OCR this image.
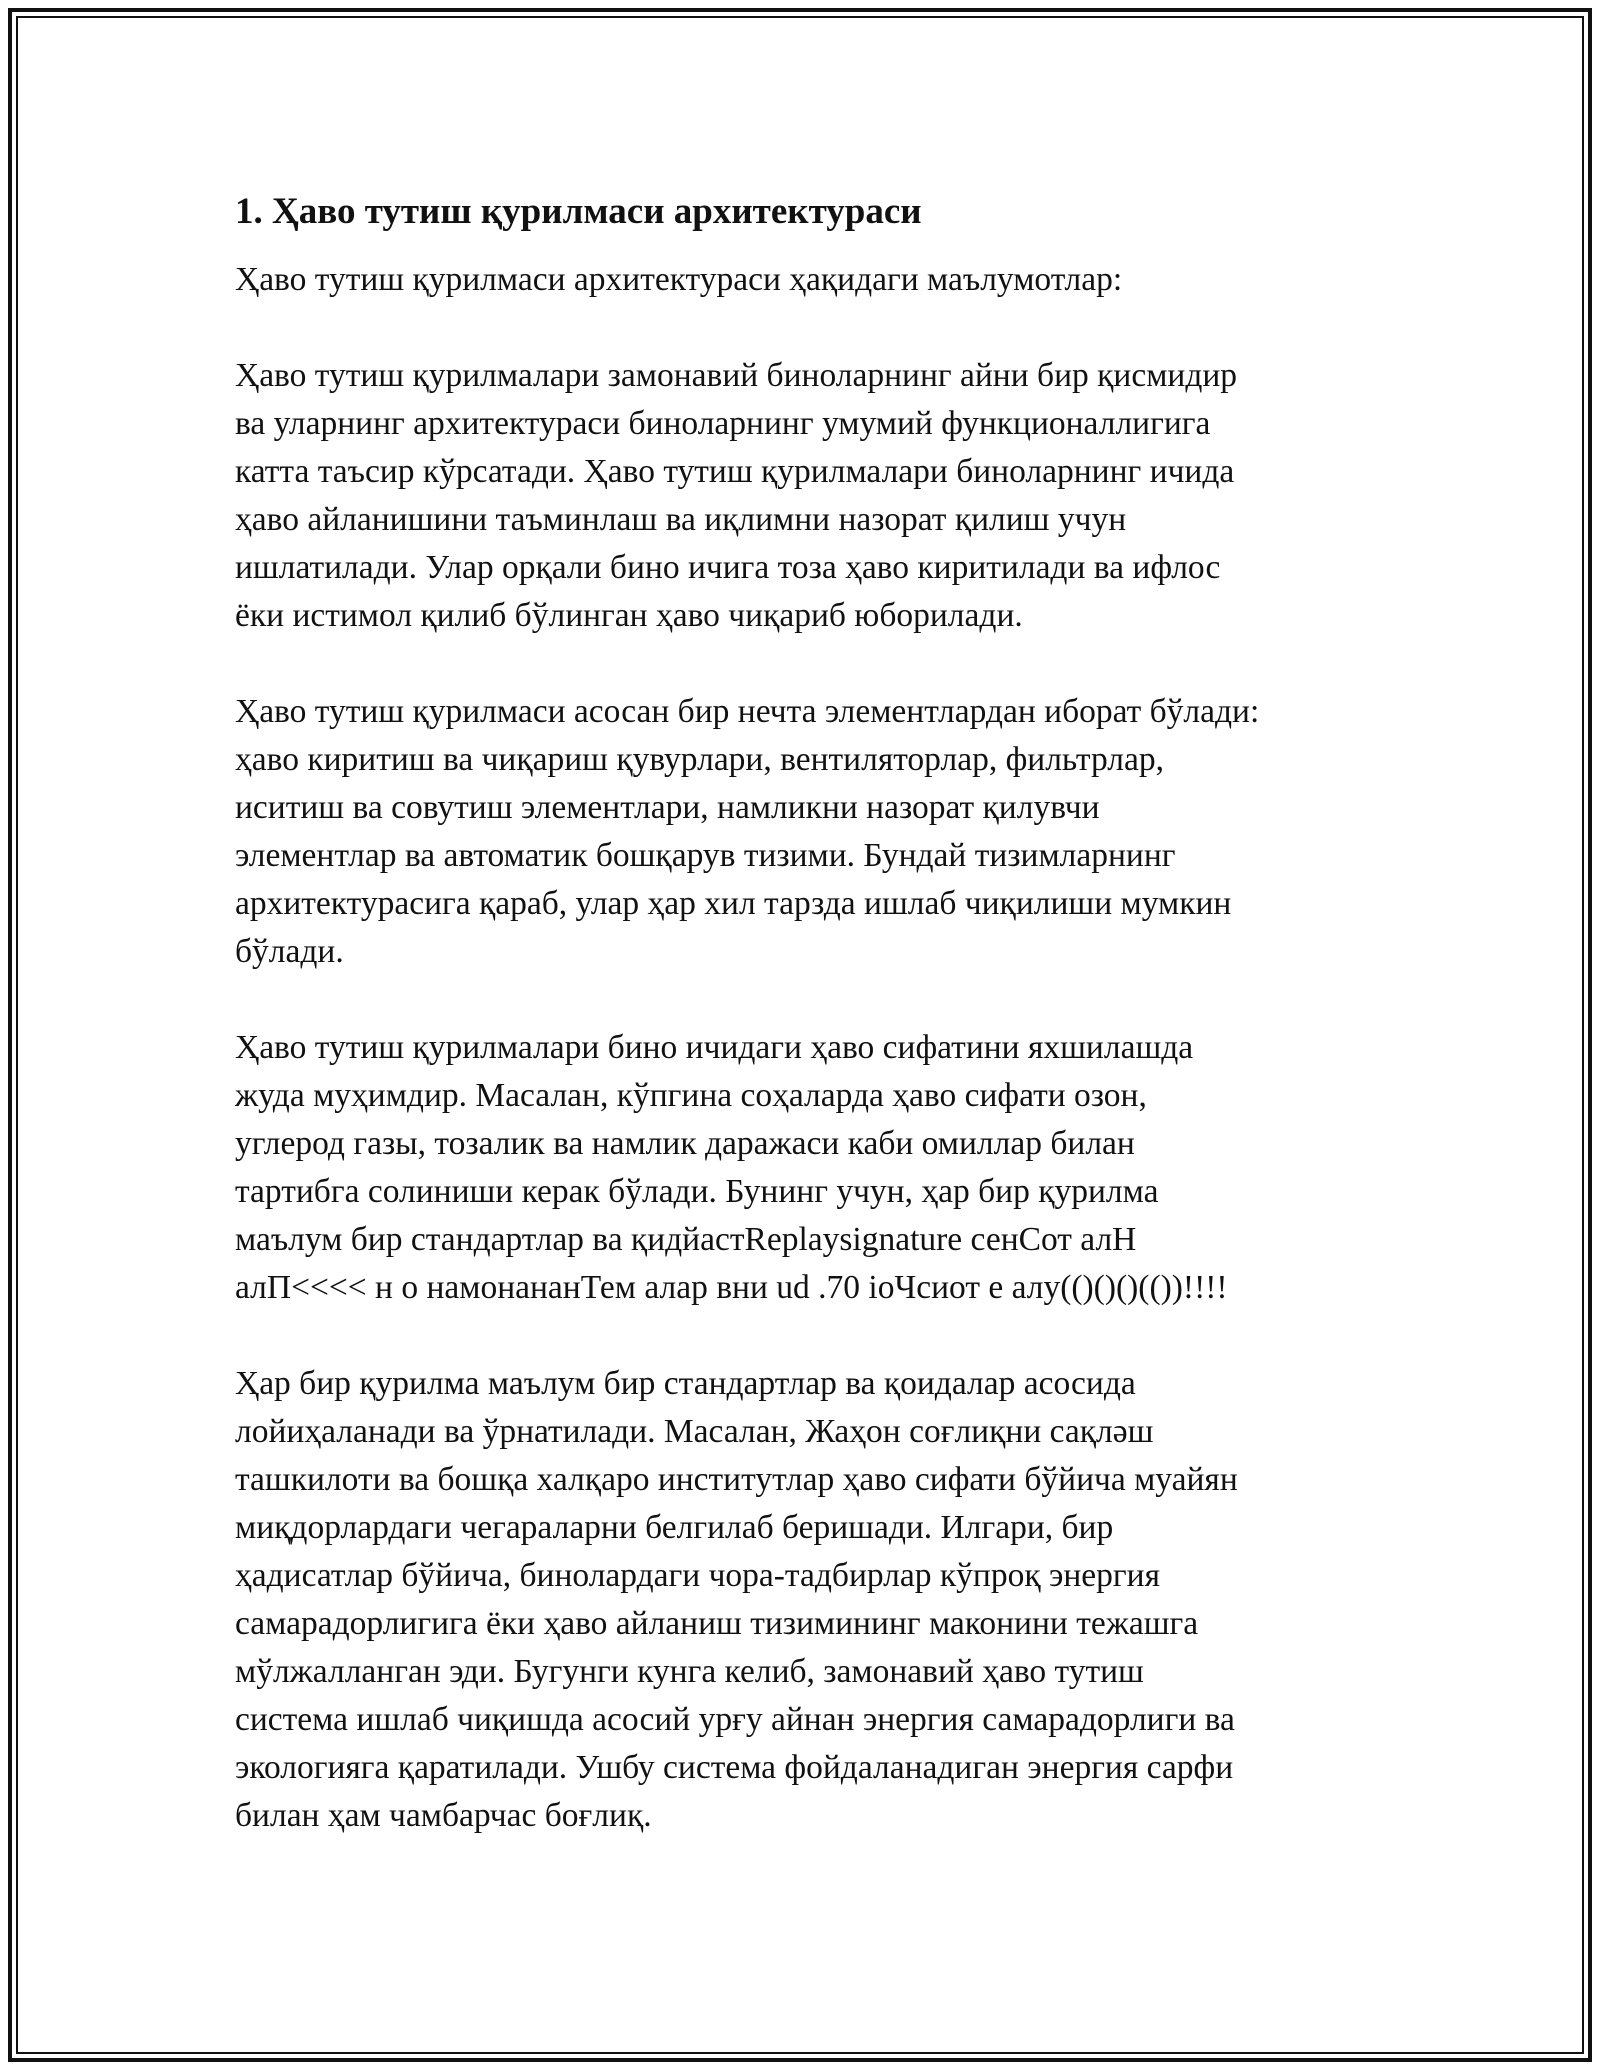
1. Ҳаво тутиш қурилмаси архитектураси

Ҳаво тутиш қурилмаси архитектураси ҳақидаги маълумотлар:

Ҳаво тутиш қурилмалари замонавий биноларнинг айни бир қисмидир
ва уларнинг архитектураси биноларнинг умумий функционаллигига
катта таъсир кўрсатади. Ҳаво тутиш қурилмалари биноларнинг ичида
ҳаво айланишини таъминлаш ва иқлимни назорат қилиш учун
ишлатилади. Улар орқали бино ичига тоза ҳаво киритилади ва ифлос
ёки истимол қилиб бўлинган ҳаво чиқариб юборилади.

Ҳаво тутиш қурилмаси асосан бир нечта элементлардан иборат бўлади:
ҳаво киритиш ва чиқариш қувурлари, вентиляторлар, фильтрлар,
иситиш ва совутиш элементлари, намликни назорат қилувчи
элементлар ва автоматик бошқарув тизими. Бундай тизимларнинг
архитектурасига қараб, улар ҳар хил тарзда ишлаб чиқилиши мумкин
бўлади.

Ҳаво тутиш қурилмалари бино ичидаги ҳаво сифатини яхшилашда
жуда муҳимдир. Масалан, кўпгина соҳаларда ҳаво сифати озон,
углерод газы, тозалик ва намлик даражаси каби омиллар билан
тартибга солиниши керак бўлади. Бунинг учун, ҳар бир қурилма
маълум бир стандартлар ва қидйастReplaysignature сенСот алН
алП<<<< н о намонананТем алар вни ud .70 ioЧсиот е алу(()()()(())!!!!

Ҳар бир қурилма маълум бир стандартлар ва қоидалар асосида
лойиҳаланади ва ўрнатилади. Масалан, Жаҳон соғлиқни сақләш
ташкилоти ва бошқа халқаро институтлар ҳаво сифати бўйича муайян
миқдорлардаги чегараларни белгилаб беришади. Илгари, бир
ҳадисатлар бўйича, бинолардаги чора-тадбирлар кўпроқ энергия
самарадорлигига ёки ҳаво айланиш тизимининг маконини тежашга
мўлжалланган эди. Бугунги кунга келиб, замонавий ҳаво тутиш
система ишлаб чиқишда асосий урғу айнан энергия самарадорлиги ва
экологияга қаратилади. Ушбу система фойдаланадиган энергия сарфи
билан ҳам чамбарчас боғлиқ.
